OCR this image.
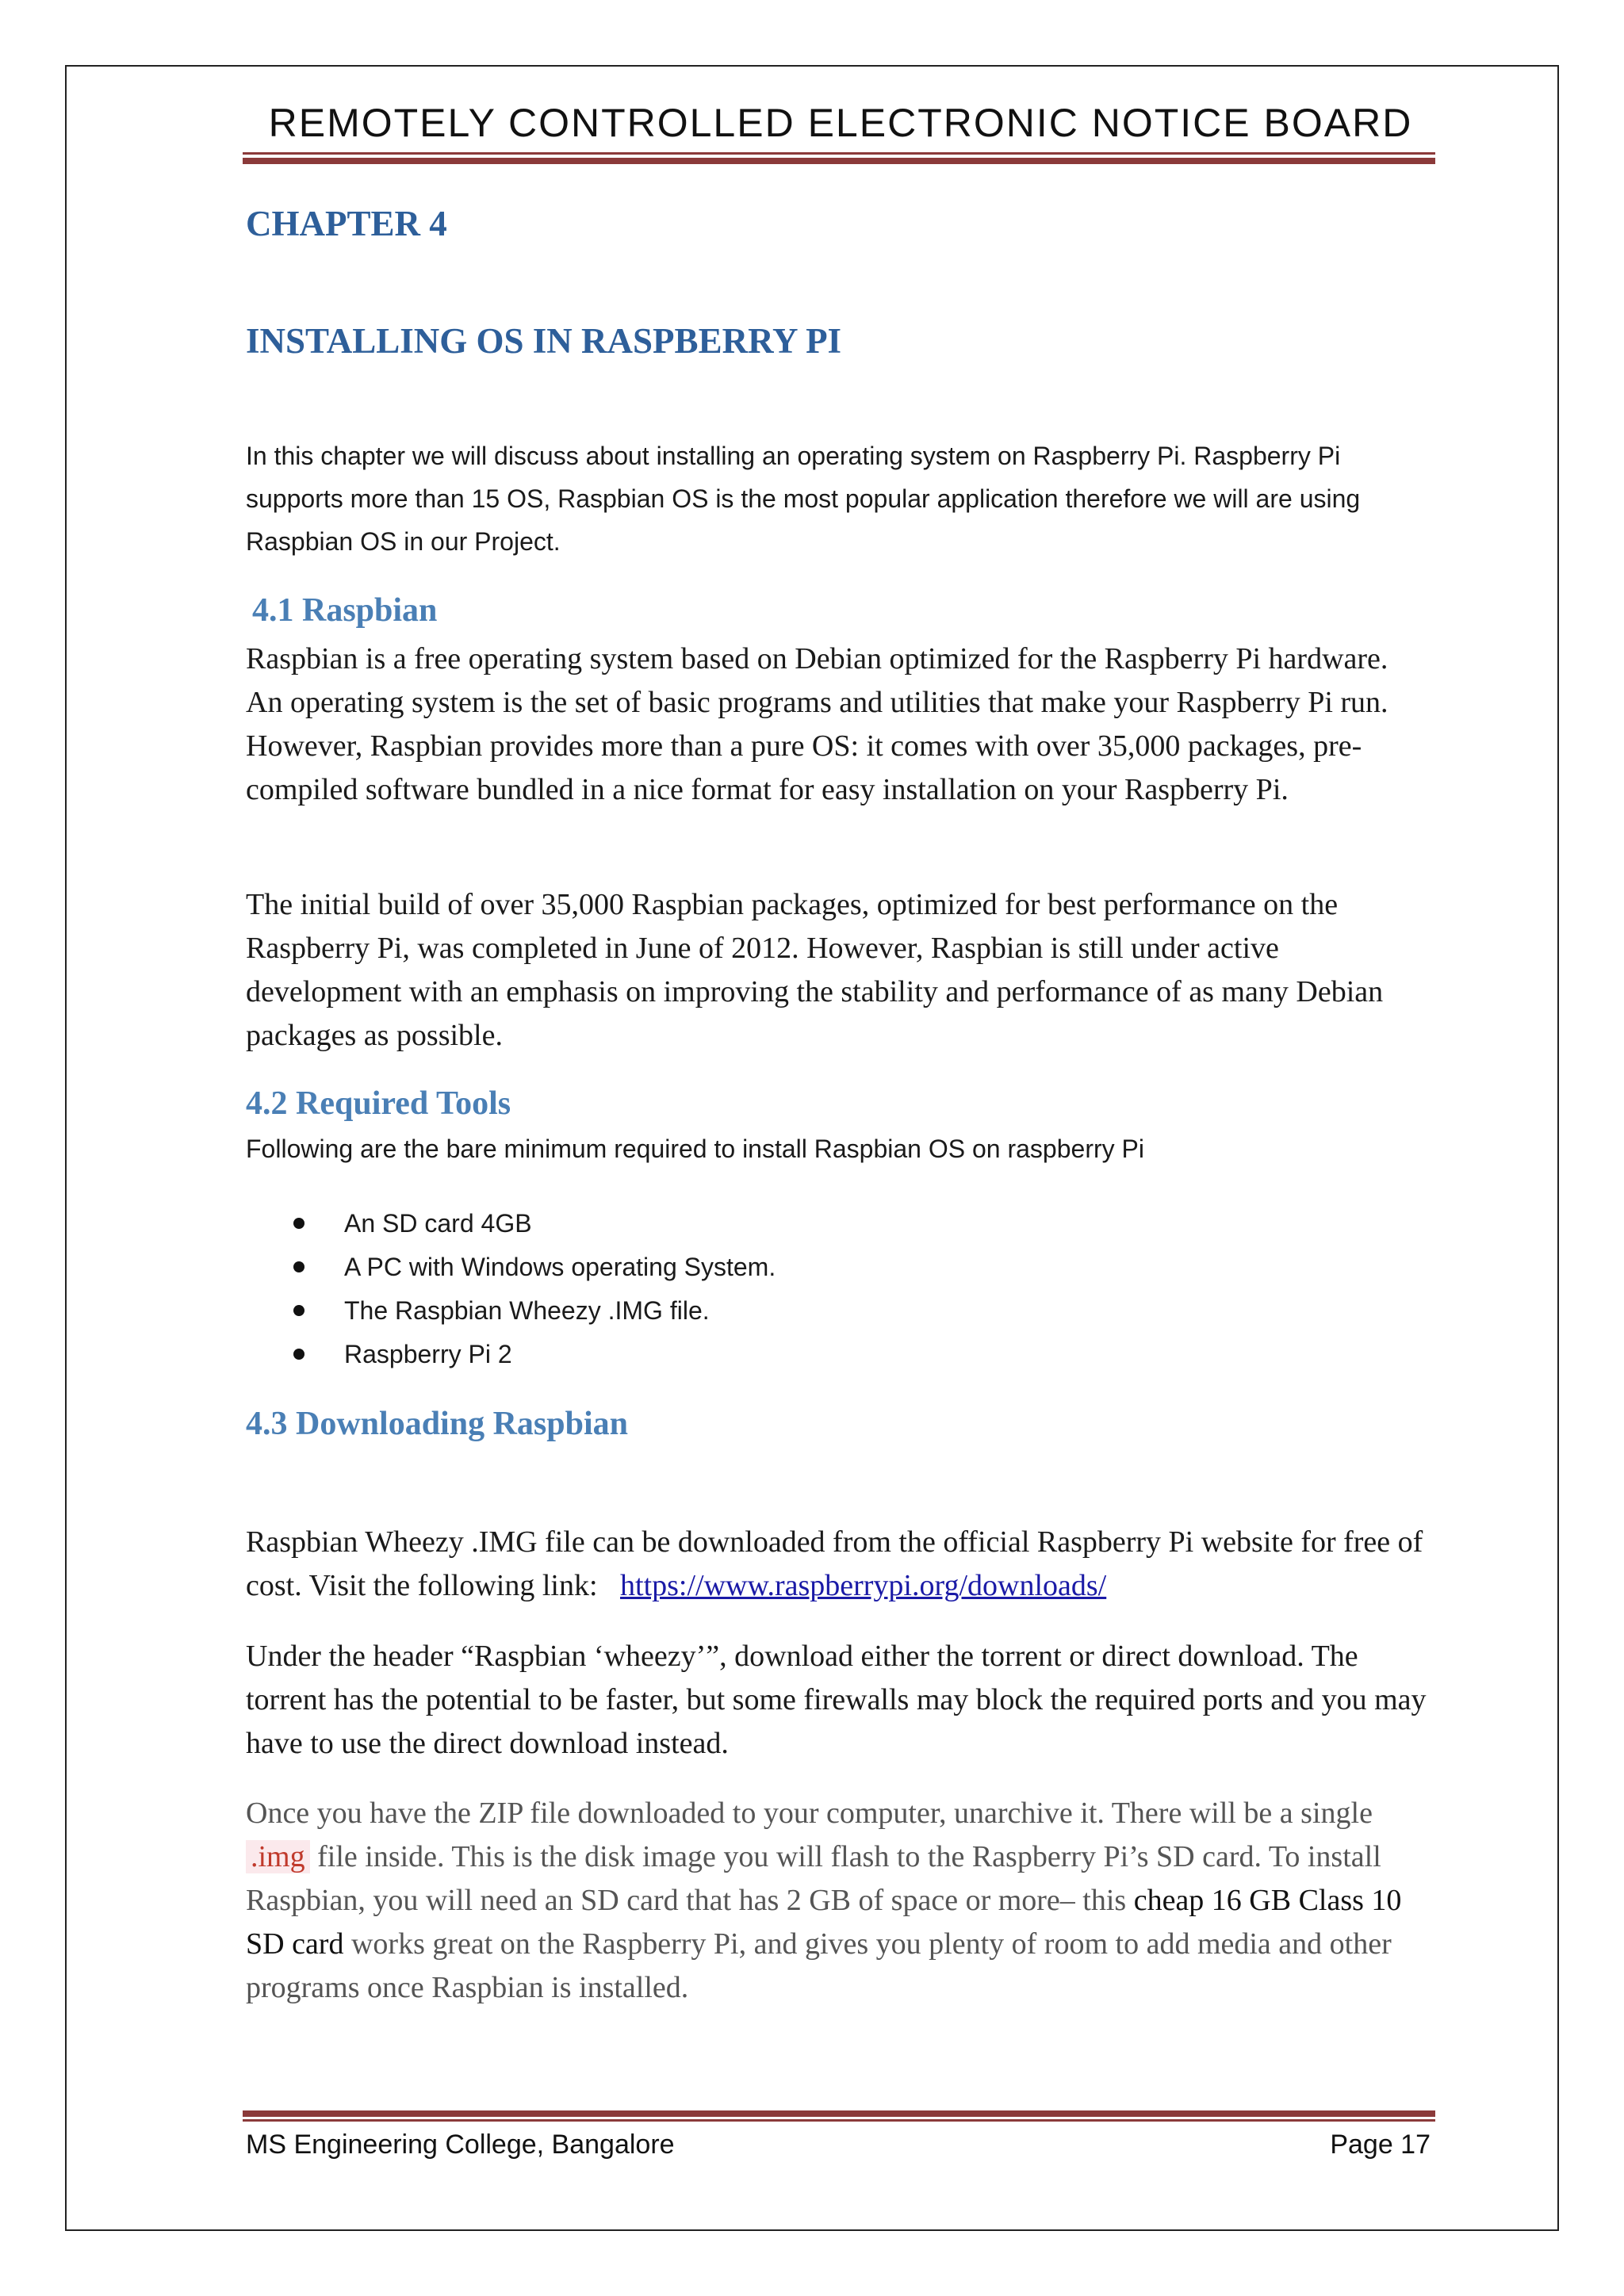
REMOTELY CONTROLLED ELECTRONIC NOTICE BOARD
CHAPTER 4
INSTALLING OS IN RASPBERRY PI
In this chapter we will discuss about installing an operating system on Raspberry Pi. Raspberry Pi supports more than 15 OS, Raspbian OS is the most popular application therefore we will are using Raspbian OS in our Project.
4.1 Raspbian
Raspbian is a free operating system based on Debian optimized for the Raspberry Pi hardware. An operating system is the set of basic programs and utilities that make your Raspberry Pi run. However, Raspbian provides more than a pure OS: it comes with over 35,000 packages, pre-compiled software bundled in a nice format for easy installation on your Raspberry Pi.
The initial build of over 35,000 Raspbian packages, optimized for best performance on the Raspberry Pi, was completed in June of 2012. However, Raspbian is still under active development with an emphasis on improving the stability and performance of as many Debian packages as possible.
4.2 Required Tools
Following are the bare minimum required to install Raspbian OS on raspberry Pi
An SD card 4GB
A PC with Windows operating System.
The Raspbian Wheezy .IMG file.
Raspberry Pi 2
4.3 Downloading Raspbian
Raspbian Wheezy .IMG file can be downloaded from the official Raspberry Pi website for free of cost. Visit the following link: https://www.raspberrypi.org/downloads/
Under the header “Raspbian ‘wheezy’”, download either the torrent or direct download. The torrent has the potential to be faster, but some firewalls may block the required ports and you may have to use the direct download instead.
Once you have the ZIP file downloaded to your computer, unarchive it. There will be a single .img file inside. This is the disk image you will flash to the Raspberry Pi’s SD card. To install Raspbian, you will need an SD card that has 2 GB of space or more– this cheap 16 GB Class 10 SD card works great on the Raspberry Pi, and gives you plenty of room to add media and other programs once Raspbian is installed.
MS Engineering College, Bangalore	Page 17
